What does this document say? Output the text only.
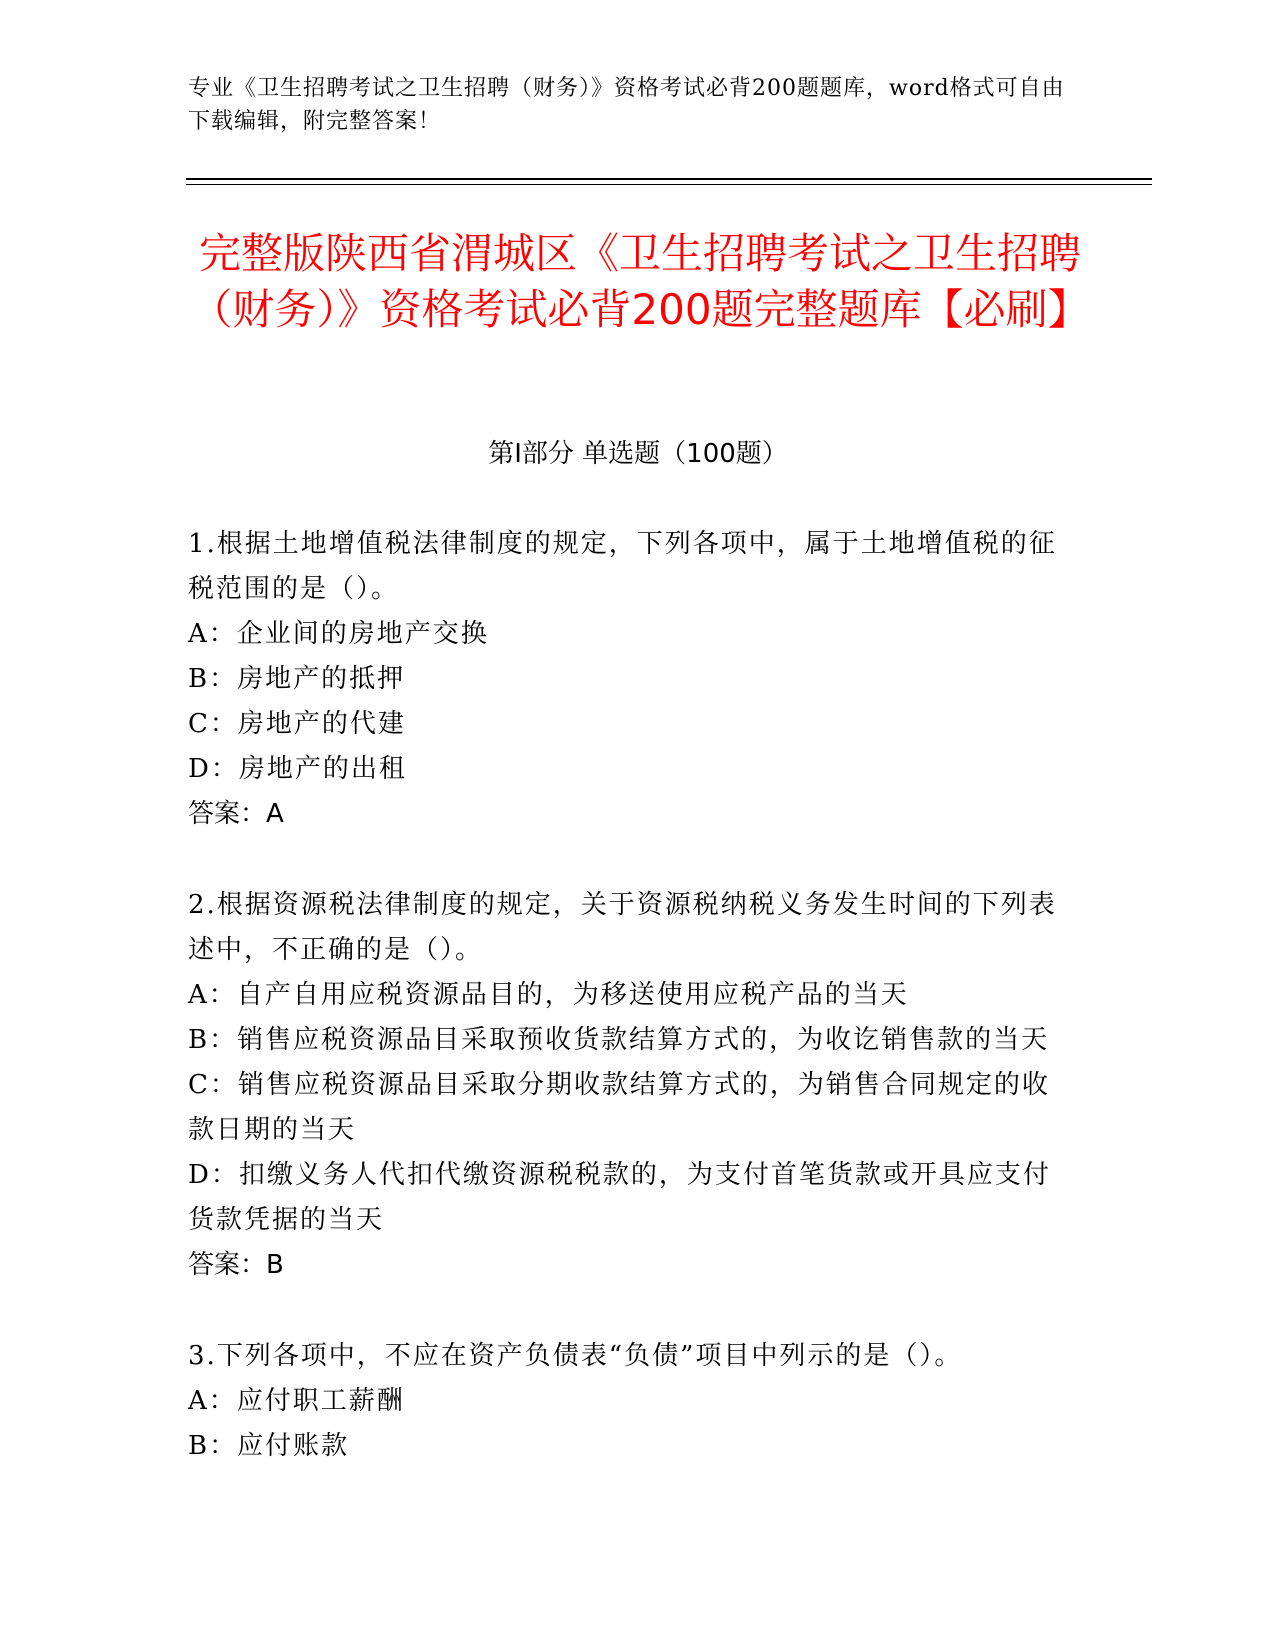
专业《卫生招聘考试之卫生招聘（财务）》资格考试必背200题题库，word格式可自由下载编辑，附完整答案！
完整版陕西省渭城区《卫生招聘考试之卫生招聘（财务）》资格考试必背200题完整题库【必刷】
第Ⅰ部分 单选题（100题）
1.根据土地增值税法律制度的规定，下列各项中，属于土地增值税的征税范围的是（）。
A：企业间的房地产交换
B：房地产的抵押
C：房地产的代建
D：房地产的出租
答案：A
2.根据资源税法律制度的规定，关于资源税纳税义务发生时间的下列表述中，不正确的是（）。
A：自产自用应税资源品目的，为移送使用应税产品的当天
B：销售应税资源品目采取预收货款结算方式的，为收讫销售款的当天
C：销售应税资源品目采取分期收款结算方式的，为销售合同规定的收款日期的当天
D：扣缴义务人代扣代缴资源税税款的，为支付首笔货款或开具应支付货款凭据的当天
答案：B
3.下列各项中，不应在资产负债表“负债”项目中列示的是（）。
A：应付职工薪酬
B：应付账款
